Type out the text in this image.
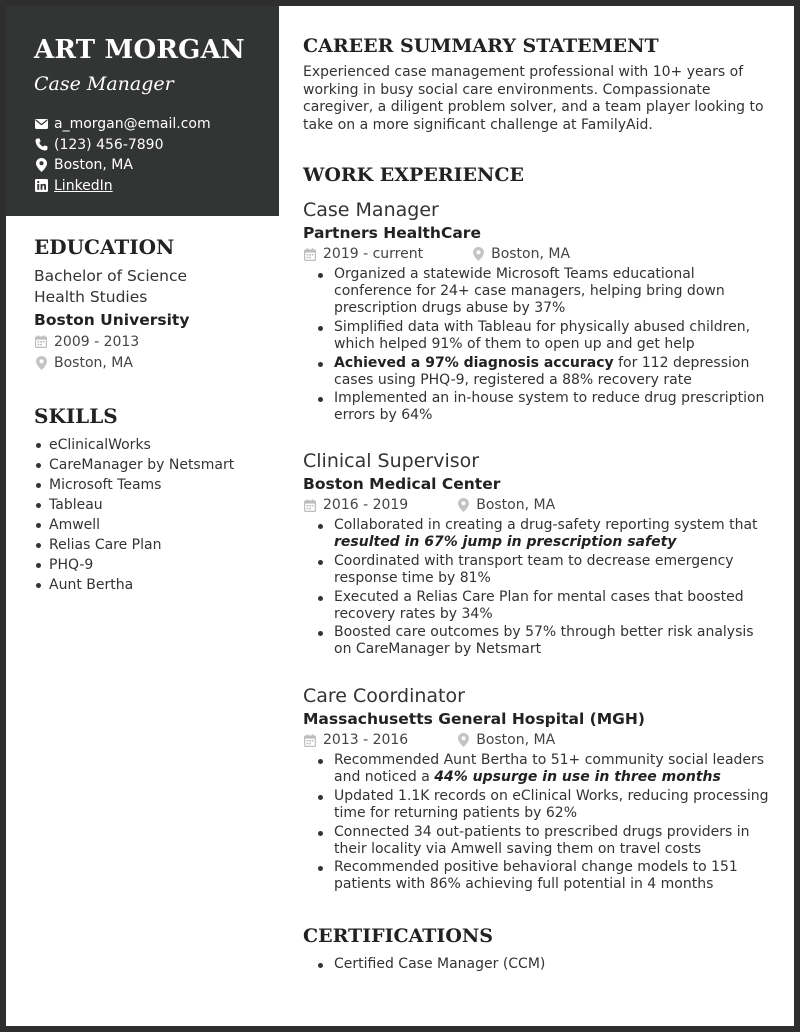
ART MORGAN
Case Manager
a_morgan@email.com
(123) 456-7890
Boston, MA
LinkedIn
EDUCATION
Bachelor of Science
Health Studies
Boston University
2009 - 2013
Boston, MA
SKILLS
eClinicalWorks
CareManager by Netsmart
Microsoft Teams
Tableau
Amwell
Relias Care Plan
PHQ-9
Aunt Bertha
CAREER SUMMARY STATEMENT
Experienced case management professional with 10+ years of working in busy social care environments. Compassionate caregiver, a diligent problem solver, and a team player looking to take on a more significant challenge at FamilyAid.
WORK EXPERIENCE
Case Manager
Partners HealthCare
2019 - current	Boston, MA
Organized a statewide Microsoft Teams educational conference for 24+ case managers, helping bring down prescription drugs abuse by 37%
Simplified data with Tableau for physically abused children, which helped 91% of them to open up and get help
Achieved a 97% diagnosis accuracy for 112 depression cases using PHQ-9, registered a 88% recovery rate
Implemented an in-house system to reduce drug prescription errors by 64%
Clinical Supervisor
Boston Medical Center
2016 - 2019	Boston, MA
Collaborated in creating a drug-safety reporting system that resulted in 67% jump in prescription safety
Coordinated with transport team to decrease emergency response time by 81%
Executed a Relias Care Plan for mental cases that boosted recovery rates by 34%
Boosted care outcomes by 57% through better risk analysis on CareManager by Netsmart
Care Coordinator
Massachusetts General Hospital (MGH)
2013 - 2016	Boston, MA
Recommended Aunt Bertha to 51+ community social leaders and noticed a 44% upsurge in use in three months
Updated 1.1K records on eClinical Works, reducing processing time for returning patients by 62%
Connected 34 out-patients to prescribed drugs providers in their locality via Amwell saving them on travel costs
Recommended positive behavioral change models to 151 patients with 86% achieving full potential in 4 months
CERTIFICATIONS
Certified Case Manager (CCM)
